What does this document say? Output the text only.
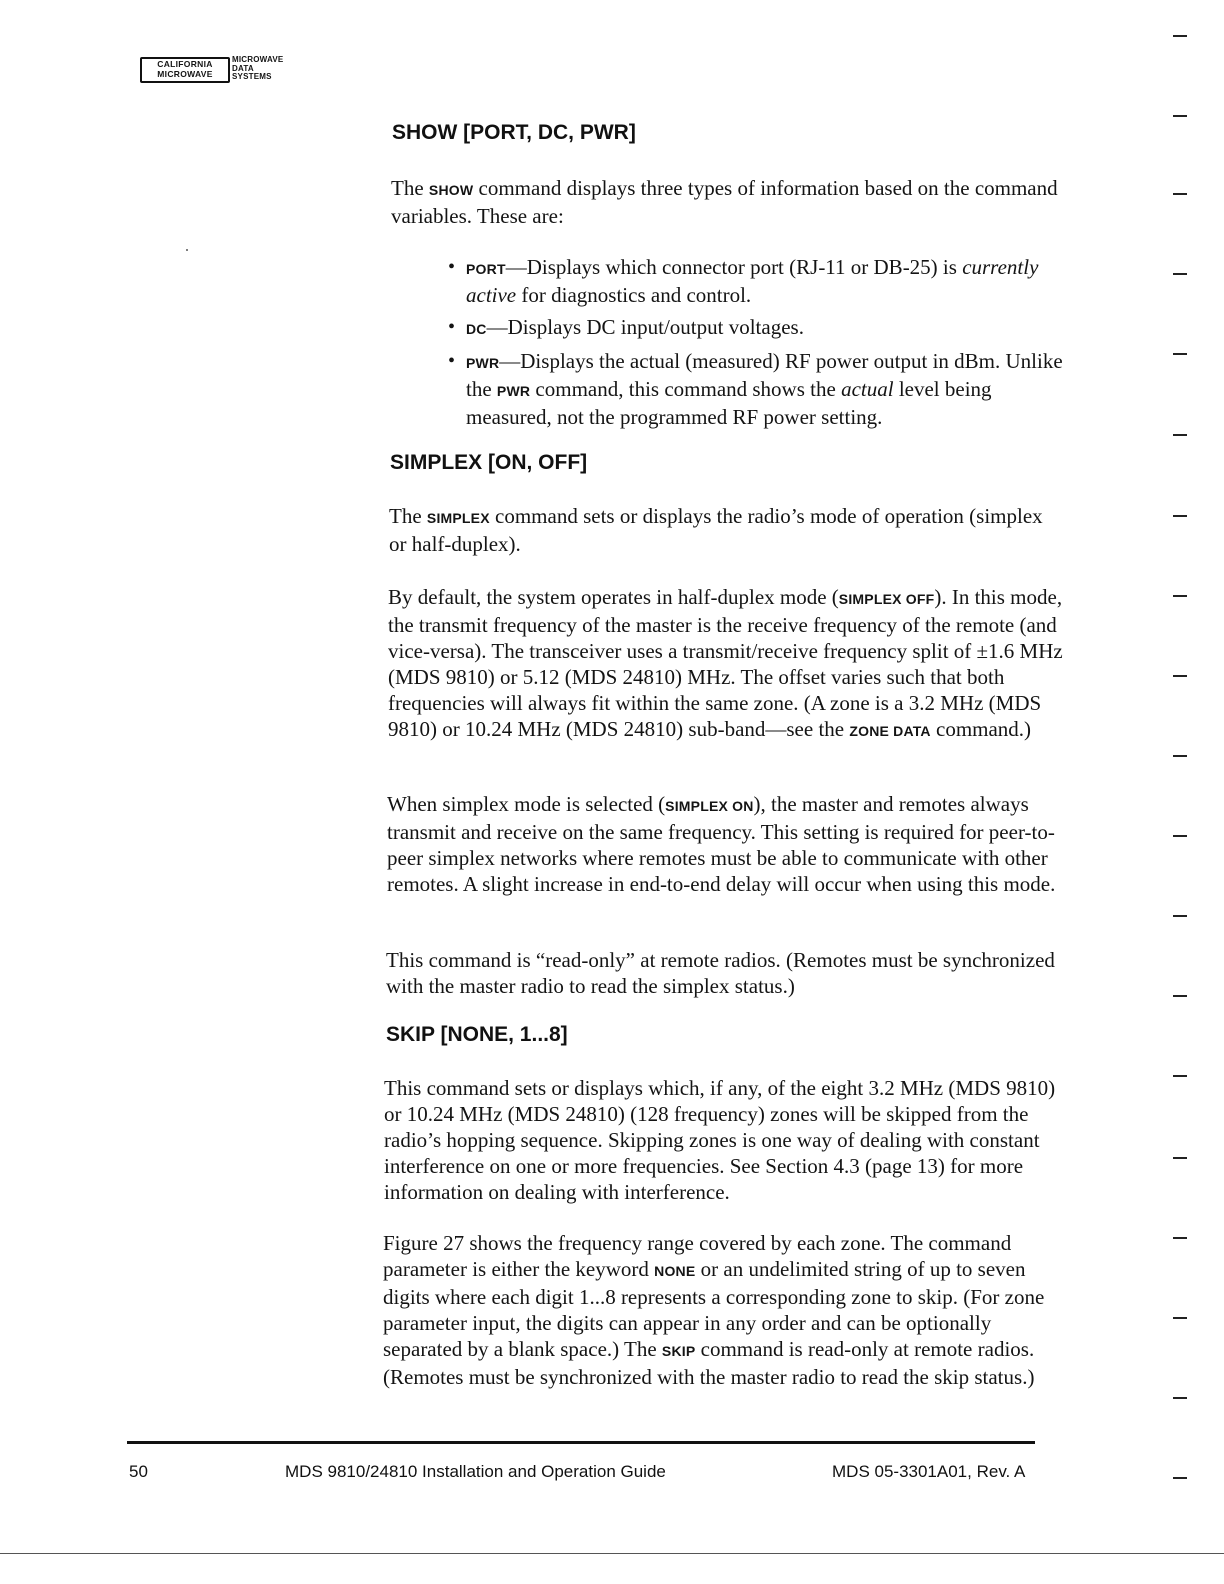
CALIFORNIA
MICROWAVE
MICROWAVE
DATA
SYSTEMS
SHOW [PORT, DC, PWR]

The SHOW command displays three types of information based on the command variables. These are:

• PORT—Displays which connector port (RJ-11 or DB-25) is currently active for diagnostics and control.
• DC—Displays DC input/output voltages.
• PWR—Displays the actual (measured) RF power output in dBm. Unlike the PWR command, this command shows the actual level being measured, not the programmed RF power setting.
SIMPLEX [ON, OFF]

The SIMPLEX command sets or displays the radio’s mode of operation (simplex or half-duplex).

By default, the system operates in half-duplex mode (SIMPLEX OFF). In this mode, the transmit frequency of the master is the receive frequency of the remote (and vice-versa). The transceiver uses a transmit/receive frequency split of ±1.6 MHz (MDS 9810) or 5.12 (MDS 24810) MHz. The offset varies such that both frequencies will always fit within the same zone. (A zone is a 3.2 MHz (MDS 9810) or 10.24 MHz (MDS 24810) sub-band—see the ZONE DATA command.)

When simplex mode is selected (SIMPLEX ON), the master and remotes always transmit and receive on the same frequency. This setting is required for peer-to-peer simplex networks where remotes must be able to communicate with other remotes. A slight increase in end-to-end delay will occur when using this mode.

This command is “read-only” at remote radios. (Remotes must be synchronized with the master radio to read the simplex status.)

SKIP [NONE, 1...8]

This command sets or displays which, if any, of the eight 3.2 MHz (MDS 9810) or 10.24 MHz (MDS 24810) (128 frequency) zones will be skipped from the radio’s hopping sequence. Skipping zones is one way of dealing with constant interference on one or more frequencies. See Section 4.3 (page 13) for more information on dealing with interference.

Figure 27 shows the frequency range covered by each zone. The command parameter is either the keyword NONE or an undelimited string of up to seven digits where each digit 1...8 represents a corresponding zone to skip. (For zone parameter input, the digits can appear in any order and can be optionally separated by a blank space.) The SKIP command is read-only at remote radios. (Remotes must be synchronized with the master radio to read the skip status.)

50	MDS 9810/24810 Installation and Operation Guide	MDS 05-3301A01, Rev. A
